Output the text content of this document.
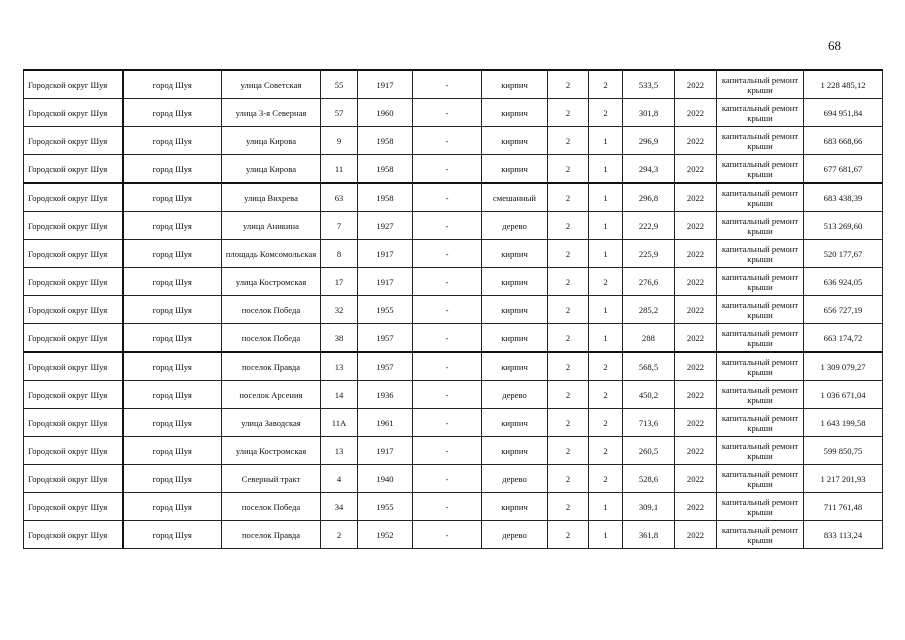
68
Городской округ Шуя	город Шуя	улица Советская	55	1917	-	кирпич	2	2	533,5	2022	капитальный ремонт крыши	1 228 485,12
Городской округ Шуя	город Шуя	улица 3-я Северная	57	1960	-	кирпич	2	2	301,8	2022	капитальный ремонт крыши	694 951,84
Городской округ Шуя	город Шуя	улица Кирова	9	1958	-	кирпич	2	1	296,9	2022	капитальный ремонт крыши	683 668,66
Городской округ Шуя	город Шуя	улица Кирова	11	1958	-	кирпич	2	1	294,3	2022	капитальный ремонт крыши	677 681,67
Городской округ Шуя	город Шуя	улица Вихрева	63	1958	-	смешанный	2	1	296,8	2022	капитальный ремонт крыши	683 438,39
Городской округ Шуя	город Шуя	улица Аникина	7	1927	-	дерево	2	1	222,9	2022	капитальный ремонт крыши	513 269,60
Городской округ Шуя	город Шуя	площадь Комсомольская	8	1917	-	кирпич	2	1	225,9	2022	капитальный ремонт крыши	520 177,67
Городской округ Шуя	город Шуя	улица Костромская	17	1917	-	кирпич	2	2	276,6	2022	капитальный ремонт крыши	636 924,05
Городской округ Шуя	город Шуя	поселок Победа	32	1955	-	кирпич	2	1	285,2	2022	капитальный ремонт крыши	656 727,19
Городской округ Шуя	город Шуя	поселок Победа	38	1957	-	кирпич	2	1	288	2022	капитальный ремонт крыши	663 174,72
Городской округ Шуя	город Шуя	поселок Правда	13	1957	-	кирпич	2	2	568,5	2022	капитальный ремонт крыши	1 309 079,27
Городской округ Шуя	город Шуя	поселок Арсения	14	1936	-	дерево	2	2	450,2	2022	капитальный ремонт крыши	1 036 671,04
Городской округ Шуя	город Шуя	улица Заводская	11А	1961	-	кирпич	2	2	713,6	2022	капитальный ремонт крыши	1 643 199,58
Городской округ Шуя	город Шуя	улица Костромская	13	1917	-	кирпич	2	2	260,5	2022	капитальный ремонт крыши	599 850,75
Городской округ Шуя	город Шуя	Северный тракт	4	1940	-	дерево	2	2	528,6	2022	капитальный ремонт крыши	1 217 201,93
Городской округ Шуя	город Шуя	поселок Победа	34	1955	-	кирпич	2	1	309,1	2022	капитальный ремонт крыши	711 761,48
Городской округ Шуя	город Шуя	поселок Правда	2	1952	-	дерево	2	1	361,8	2022	капитальный ремонт крыши	833 113,24
